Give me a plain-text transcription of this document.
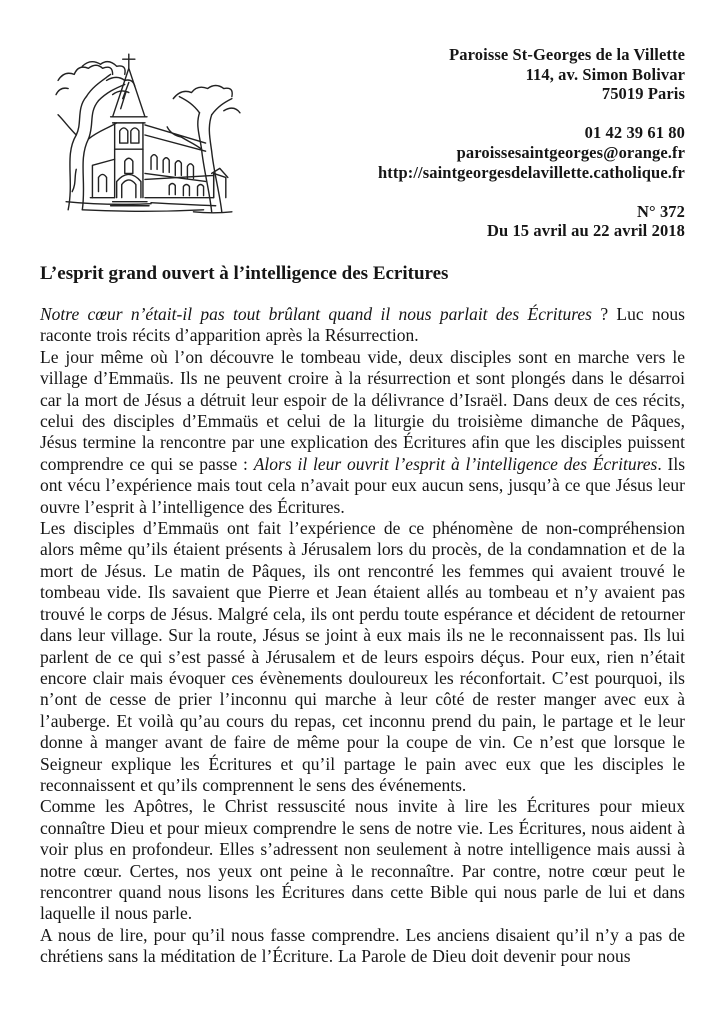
Paroisse St-Georges de la Villette
114, av. Simon Bolivar
75019 Paris
01 42 39 61 80
paroissesaintgeorges@orange.fr
http://saintgeorgesdelavillette.catholique.fr
N° 372
Du 15 avril au 22 avril 2018
L’esprit grand ouvert à l’intelligence des Ecritures

Notre cœur n’était-il pas tout brûlant quand il nous parlait des Écritures ? Luc nous raconte trois récits d’apparition après la Résurrection.

Le jour même où l’on découvre le tombeau vide, deux disciples sont en marche vers le village d’Emmaüs. Ils ne peuvent croire à la résurrection et sont plongés dans le désarroi car la mort de Jésus a détruit leur espoir de la délivrance d’Israël. Dans deux de ces récits, celui des disciples d’Emmaüs et celui de la liturgie du troisième dimanche de Pâques, Jésus termine la rencontre par une explication des Écritures afin que les disciples puissent comprendre ce qui se passe : Alors il leur ouvrit l’esprit à l’intelligence des Écritures. Ils ont vécu l’expérience mais tout cela n’avait pour eux aucun sens, jusqu’à ce que Jésus leur ouvre l’esprit à l’intelligence des Écritures.

Les disciples d’Emmaüs ont fait l’expérience de ce phénomène de non-compréhension alors même qu’ils étaient présents à Jérusalem lors du procès, de la condamnation et de la mort de Jésus. Le matin de Pâques, ils ont rencontré les femmes qui avaient trouvé le tombeau vide. Ils savaient que Pierre et Jean étaient allés au tombeau et n’y avaient pas trouvé le corps de Jésus. Malgré cela, ils ont perdu toute espérance et décident de retourner dans leur village. Sur la route, Jésus se joint à eux mais ils ne le reconnaissent pas. Ils lui parlent de ce qui s’est passé à Jérusalem et de leurs espoirs déçus. Pour eux, rien n’était encore clair mais évoquer ces évènements douloureux les réconfortait. C’est pourquoi, ils n’ont de cesse de prier l’inconnu qui marche à leur côté de rester manger avec eux à l’auberge. Et voilà qu’au cours du repas, cet inconnu prend du pain, le partage et le leur donne à manger avant de faire de même pour la coupe de vin. Ce n’est que lorsque le Seigneur explique les Écritures et qu’il partage le pain avec eux que les disciples le reconnaissent et qu’ils comprennent le sens des événements.

Comme les Apôtres, le Christ ressuscité nous invite à lire les Écritures pour mieux connaître Dieu et pour mieux comprendre le sens de notre vie. Les Écritures, nous aident à voir plus en profondeur. Elles s’adressent non seulement à notre intelligence mais aussi à notre cœur. Certes, nos yeux ont peine à le reconnaître. Par contre, notre cœur peut le rencontrer quand nous lisons les Écritures dans cette Bible qui nous parle de lui et dans laquelle il nous parle.

A nous de lire, pour qu’il nous fasse comprendre. Les anciens disaient qu’il n’y a pas de chrétiens sans la méditation de l’Écriture. La Parole de Dieu doit devenir pour nous
